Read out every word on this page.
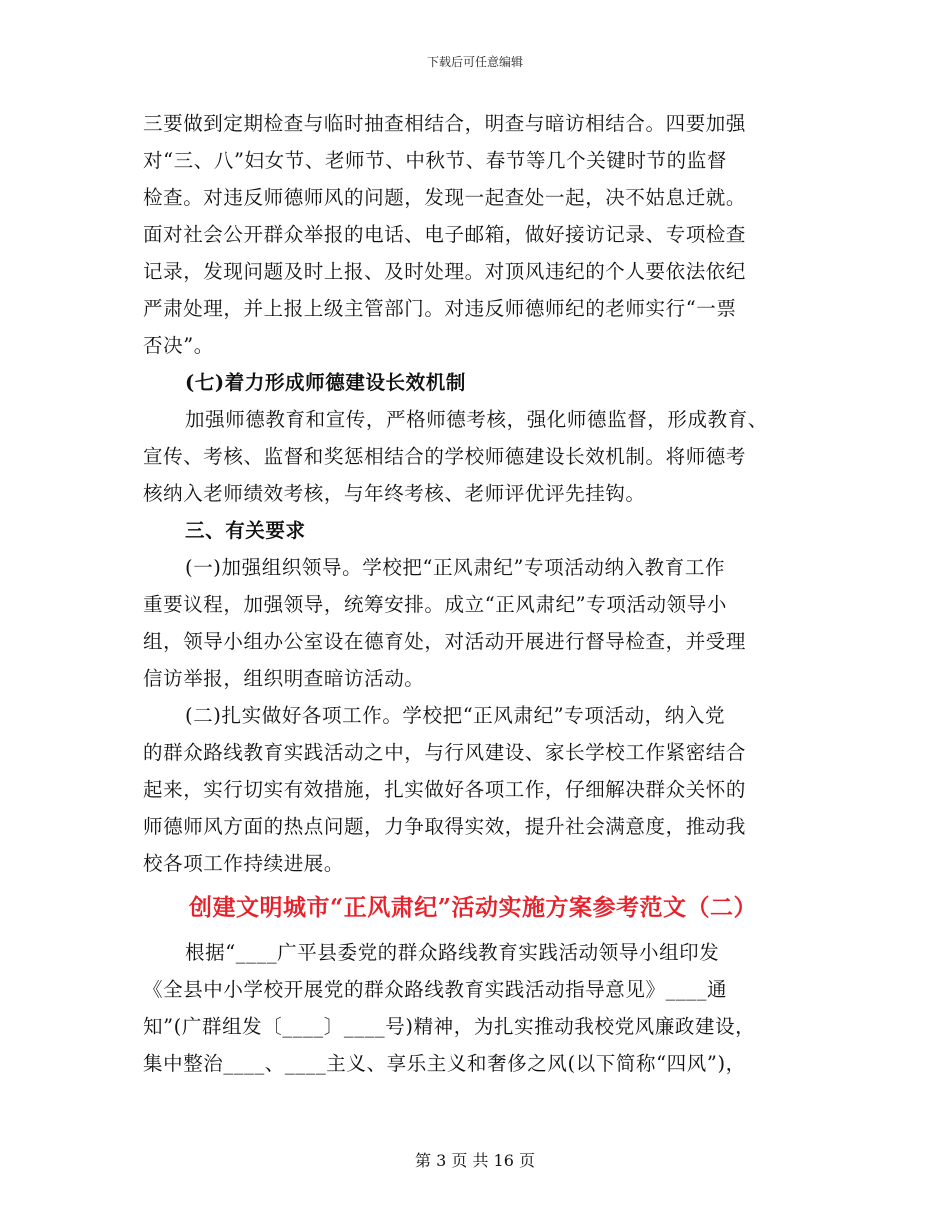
下载后可任意编辑
三要做到定期检查与临时抽查相结合，明查与暗访相结合。四要加强
对“三、八”妇女节、老师节、中秋节、春节等几个关键时节的监督
检查。对违反师德师风的问题，发现一起查处一起，决不姑息迁就。
面对社会公开群众举报的电话、电子邮箱，做好接访记录、专项检查
记录，发现问题及时上报、及时处理。对顶风违纪的个人要依法依纪
严肃处理，并上报上级主管部门。对违反师德师纪的老师实行“一票
否决”。
(七)着力形成师德建设长效机制
加强师德教育和宣传，严格师德考核，强化师德监督，形成教育、
宣传、考核、监督和奖惩相结合的学校师德建设长效机制。将师德考
核纳入老师绩效考核，与年终考核、老师评优评先挂钩。
三、有关要求
(一)加强组织领导。学校把“正风肃纪”专项活动纳入教育工作
重要议程，加强领导，统筹安排。成立“正风肃纪”专项活动领导小
组，领导小组办公室设在德育处，对活动开展进行督导检查，并受理
信访举报，组织明查暗访活动。
(二)扎实做好各项工作。学校把“正风肃纪”专项活动，纳入党
的群众路线教育实践活动之中，与行风建设、家长学校工作紧密结合
起来，实行切实有效措施，扎实做好各项工作，仔细解决群众关怀的
师德师风方面的热点问题，力争取得实效，提升社会满意度，推动我
校各项工作持续进展。
创建文明城市“正风肃纪”活动实施方案参考范文（二）
根据“____广平县委党的群众路线教育实践活动领导小组印发
《全县中小学校开展党的群众路线教育实践活动指导意见》____通
知”(广群组发〔____〕____号)精神，为扎实推动我校党风廉政建设，
集中整治____、____主义、享乐主义和奢侈之风(以下简称“四风”)，
第 3 页 共 16 页
